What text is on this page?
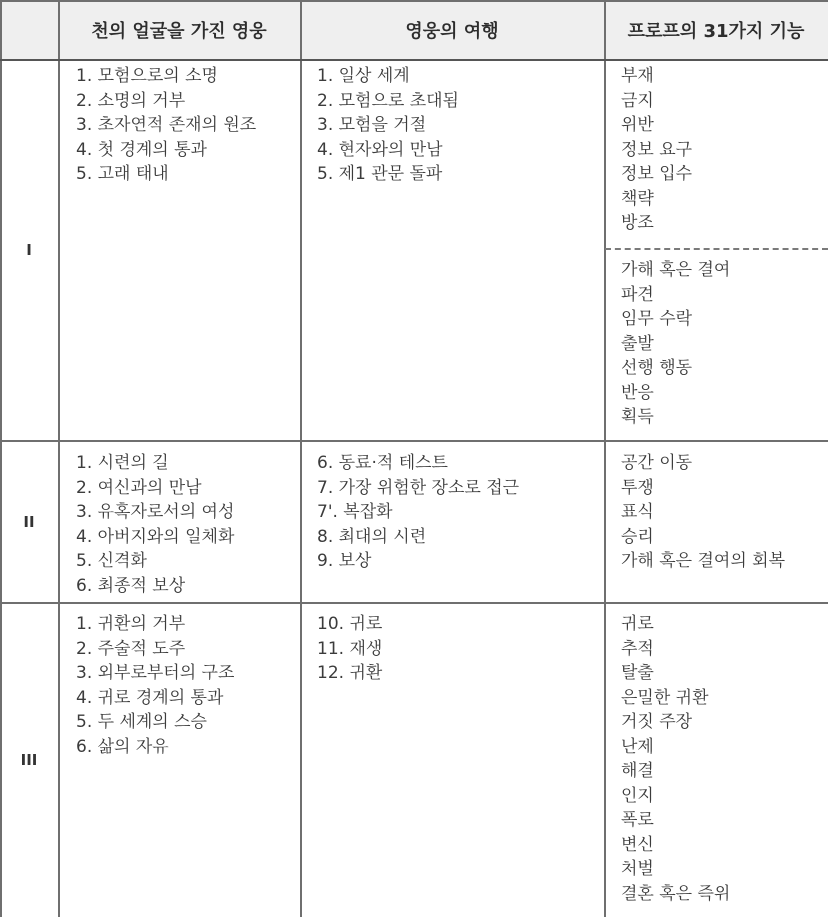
천의 얼굴을 가진 영웅	영웅의 여행	프로프의 31가지 기능
I
II
III
1. 모험으로의 소명
2. 소명의 거부
3. 초자연적 존재의 원조
4. 첫 경계의 통과
5. 고래 태내
1. 일상 세계
2. 모험으로 초대됨
3. 모험을 거절
4. 현자와의 만남
5. 제1 관문 돌파
부재
금지
위반
정보 요구
정보 입수
책략
방조
가해 혹은 결여
파견
임무 수락
출발
선행 행동
반응
획득
1. 시련의 길
2. 여신과의 만남
3. 유혹자로서의 여성
4. 아버지와의 일체화
5. 신격화
6. 최종적 보상
6. 동료·적 테스트
7. 가장 위험한 장소로 접근
7'. 복잡화
8. 최대의 시련
9. 보상
공간 이동
투쟁
표식
승리
가해 혹은 결여의 회복
1. 귀환의 거부
2. 주술적 도주
3. 외부로부터의 구조
4. 귀로 경계의 통과
5. 두 세계의 스승
6. 삶의 자유
10. 귀로
11. 재생
12. 귀환
귀로
추적
탈출
은밀한 귀환
거짓 주장
난제
해결
인지
폭로
변신
처벌
결혼 혹은 즉위
